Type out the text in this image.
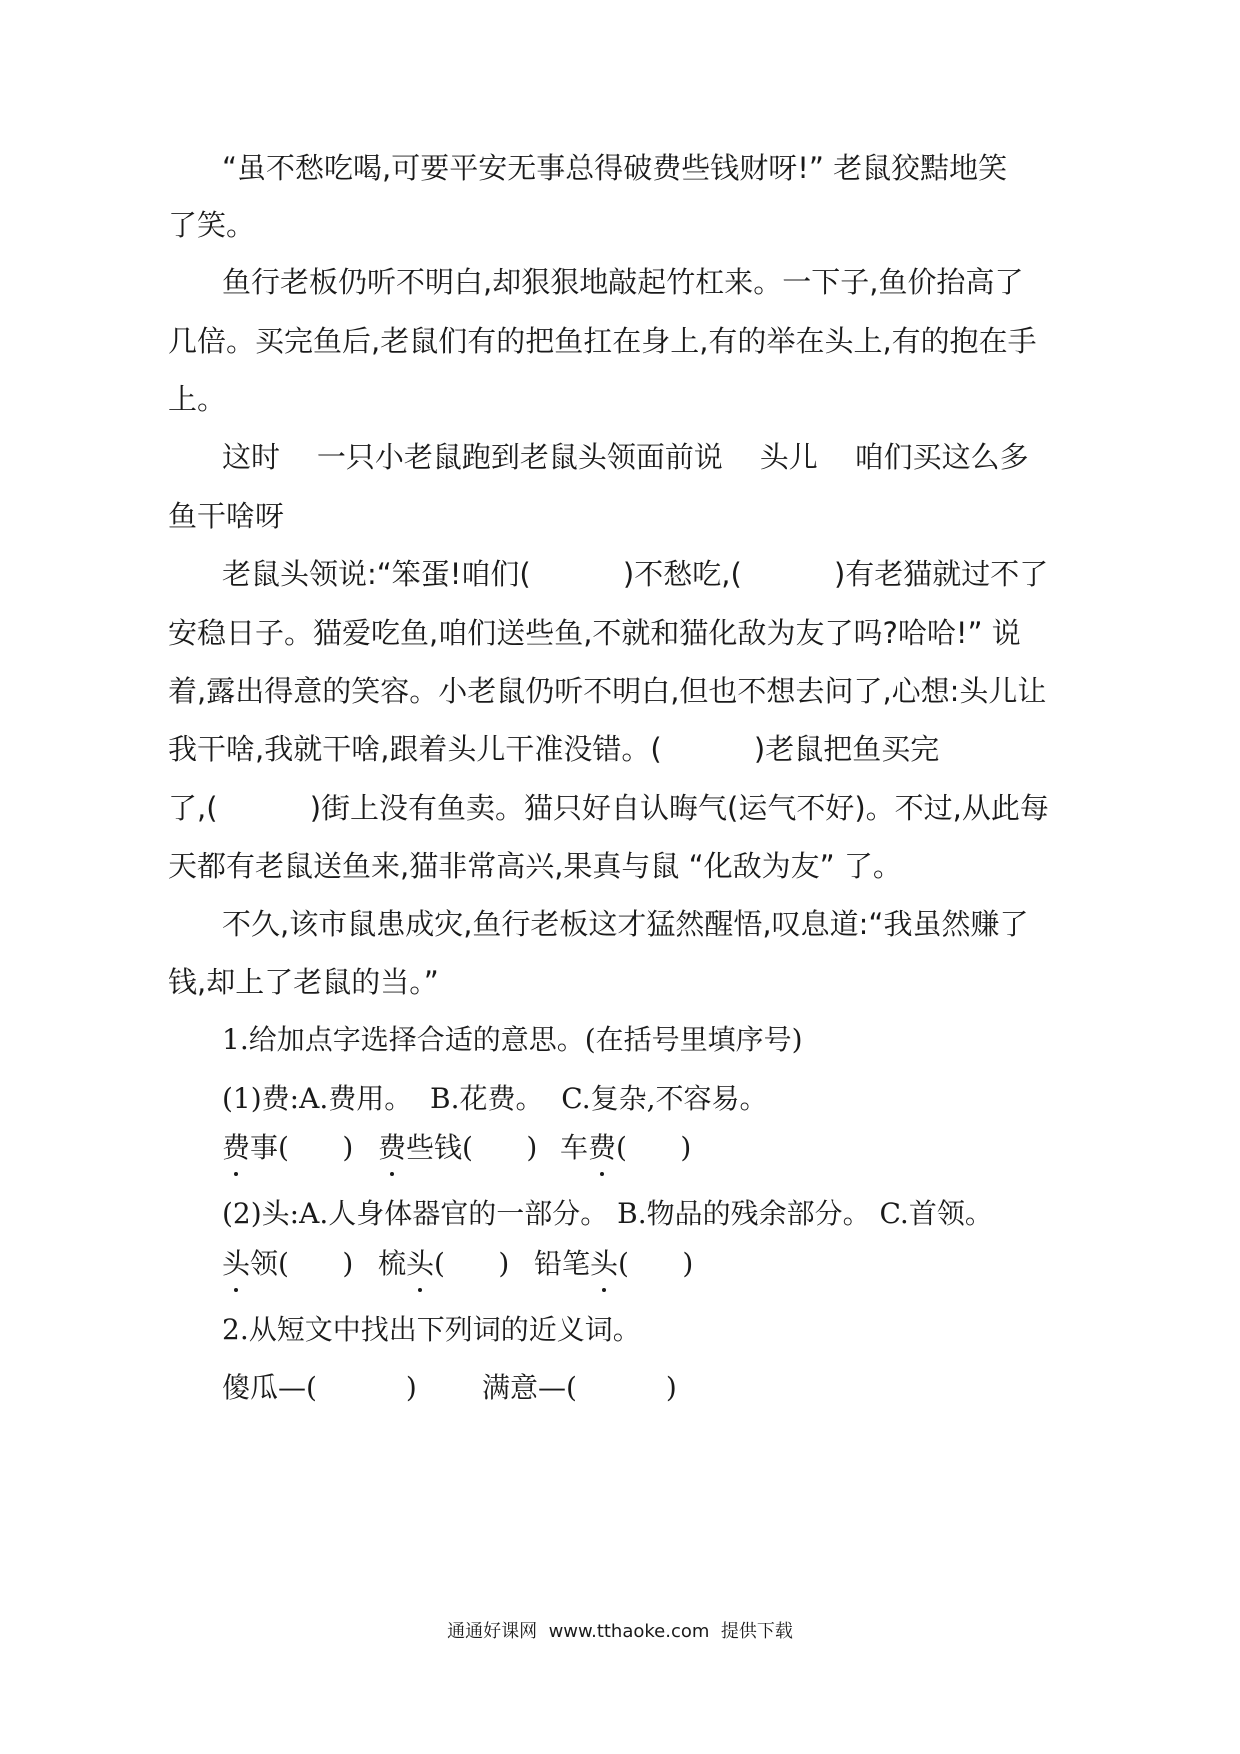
“虽不愁吃喝,可要平安无事总得破费些钱财呀!” 老鼠狡黠地笑
了笑。
鱼行老板仍听不明白,却狠狠地敲起竹杠来。一下子,鱼价抬高了
几倍。买完鱼后,老鼠们有的把鱼扛在身上,有的举在头上,有的抱在手
上。
这时    一只小老鼠跑到老鼠头领面前说    头儿    咱们买这么多
鱼干啥呀
老鼠头领说:“笨蛋!咱们(          )不愁吃,(          )有老猫就过不了
安稳日子。猫爱吃鱼,咱们送些鱼,不就和猫化敌为友了吗?哈哈!” 说
着,露出得意的笑容。小老鼠仍听不明白,但也不想去问了,心想:头儿让
我干啥,我就干啥,跟着头儿干准没错。(          )老鼠把鱼买完
了,(          )街上没有鱼卖。猫只好自认晦气(运气不好)。不过,从此每
天都有老鼠送鱼来,猫非常高兴,果真与鼠 “化敌为友” 了。
不久,该市鼠患成灾,鱼行老板这才猛然醒悟,叹息道:“我虽然赚了
钱,却上了老鼠的当。”
1.给加点字选择合适的意思。(在括号里填序号)
(1)费:A.费用。  B.花费。  C.复杂,不容易。
费事(      ) 费些钱(      ) 车费(      )
(2)头:A.人身体器官的一部分。 B.物品的残余部分。 C.首领。
头领(      ) 梳头(      ) 铅笔头(      )
2.从短文中找出下列词的近义词。
傻瓜—(          ) 满意—(          )
通通好课网  www.tthaoke.com  提供下载
